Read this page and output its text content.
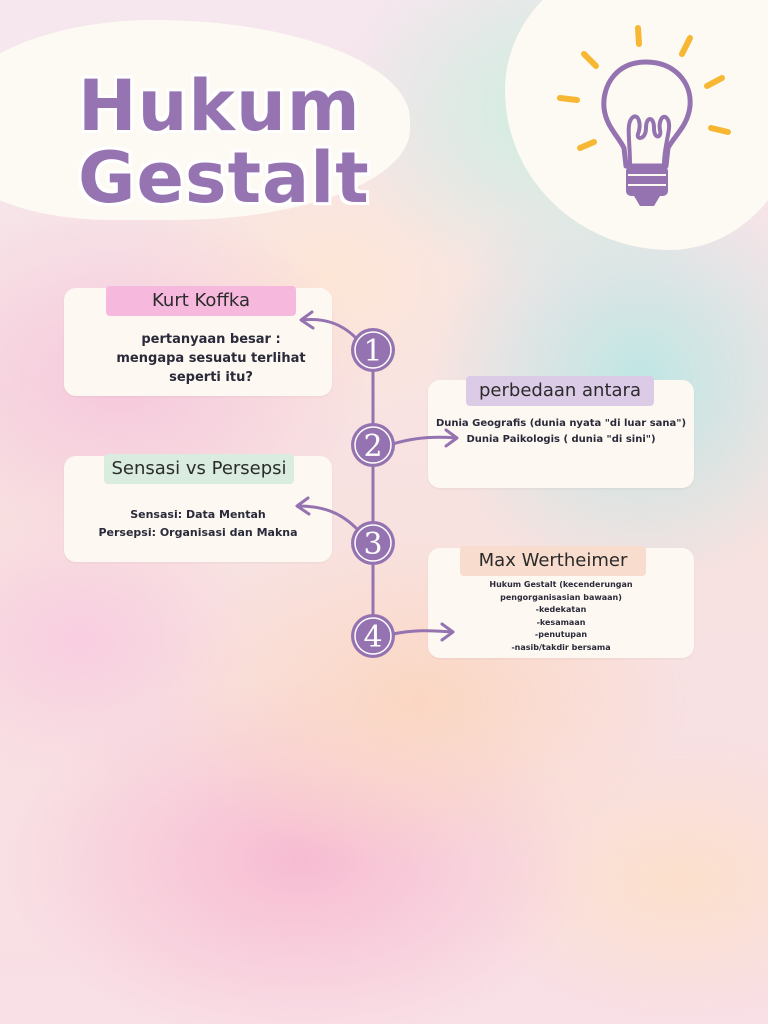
Hukum
Gestalt
Kurt Koffka
pertanyaan besar :
mengapa sesuatu terlihat
seperti itu?
perbedaan antara
Dunia Geografis (dunia nyata "di luar sana")
Dunia Paikologis ( dunia "di sini")
Sensasi vs Persepsi
Sensasi: Data Mentah
Persepsi: Organisasi dan Makna
Max Wertheimer
Hukum Gestalt (kecenderungan
pengorganisasian bawaan)
-kedekatan
-kesamaan
-penutupan
-nasib/takdir bersama
1
2
3
4
